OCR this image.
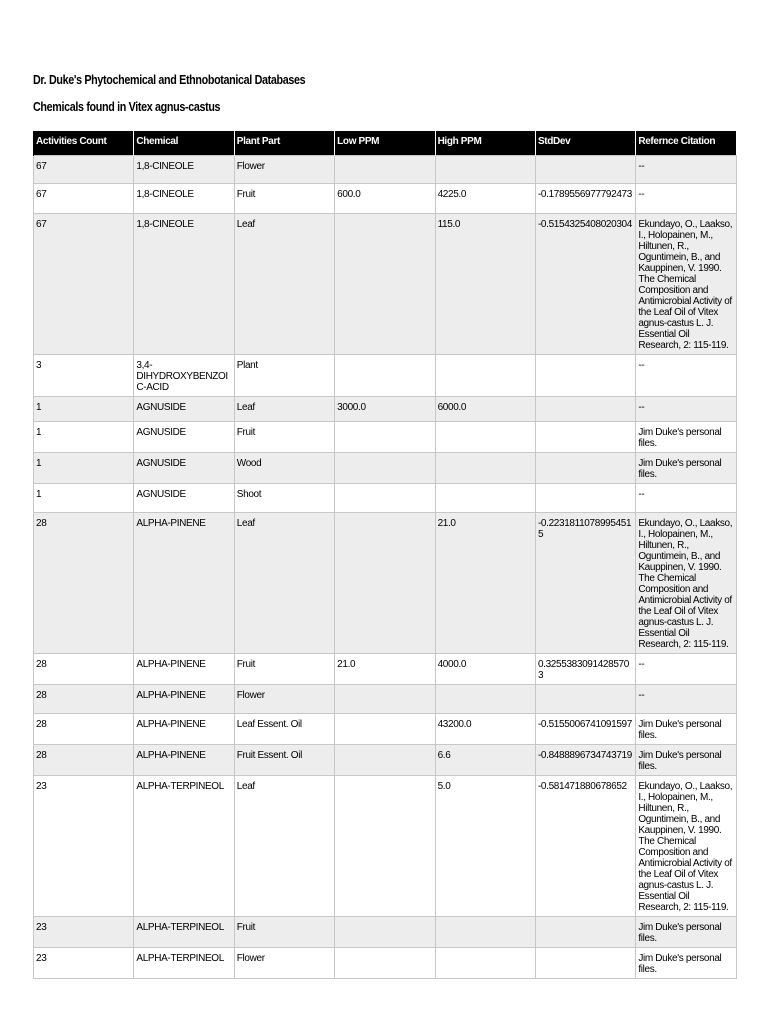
Dr. Duke's Phytochemical and Ethnobotanical Databases
Chemicals found in Vitex agnus-castus
Activities Count	Chemical	Plant Part	Low PPM	High PPM	StdDev	Refernce Citation
67	1,8-CINEOLE	Flower				--
67	1,8-CINEOLE	Fruit	600.0	4225.0	-0.1789556977792473	--
67	1,8-CINEOLE	Leaf		115.0	-0.5154325408020304	Ekundayo, O., Laakso, I., Holopainen, M., Hiltunen, R., Oguntimein, B., and Kauppinen, V. 1990. The Chemical Composition and Antimicrobial Activity of the Leaf Oil of Vitex agnus-castus L. J. Essential Oil Research, 2: 115-119.
3	3,4-DIHYDROXYBENZOIC-ACID	Plant				--
1	AGNUSIDE	Leaf	3000.0	6000.0		--
1	AGNUSIDE	Fruit				Jim Duke's personal files.
1	AGNUSIDE	Wood				Jim Duke's personal files.
1	AGNUSIDE	Shoot				--
28	ALPHA-PINENE	Leaf		21.0	-0.22318110789954515	Ekundayo, O., Laakso, I., Holopainen, M., Hiltunen, R., Oguntimein, B., and Kauppinen, V. 1990. The Chemical Composition and Antimicrobial Activity of the Leaf Oil of Vitex agnus-castus L. J. Essential Oil Research, 2: 115-119.
28	ALPHA-PINENE	Fruit	21.0	4000.0	0.32553830914285703	--
28	ALPHA-PINENE	Flower				--
28	ALPHA-PINENE	Leaf Essent. Oil		43200.0	-0.5155006741091597	Jim Duke's personal files.
28	ALPHA-PINENE	Fruit Essent. Oil		6.6	-0.8488896734743719	Jim Duke's personal files.
23	ALPHA-TERPINEOL	Leaf		5.0	-0.581471880678652	Ekundayo, O., Laakso, I., Holopainen, M., Hiltunen, R., Oguntimein, B., and Kauppinen, V. 1990. The Chemical Composition and Antimicrobial Activity of the Leaf Oil of Vitex agnus-castus L. J. Essential Oil Research, 2: 115-119.
23	ALPHA-TERPINEOL	Fruit				Jim Duke's personal files.
23	ALPHA-TERPINEOL	Flower				Jim Duke's personal files.
